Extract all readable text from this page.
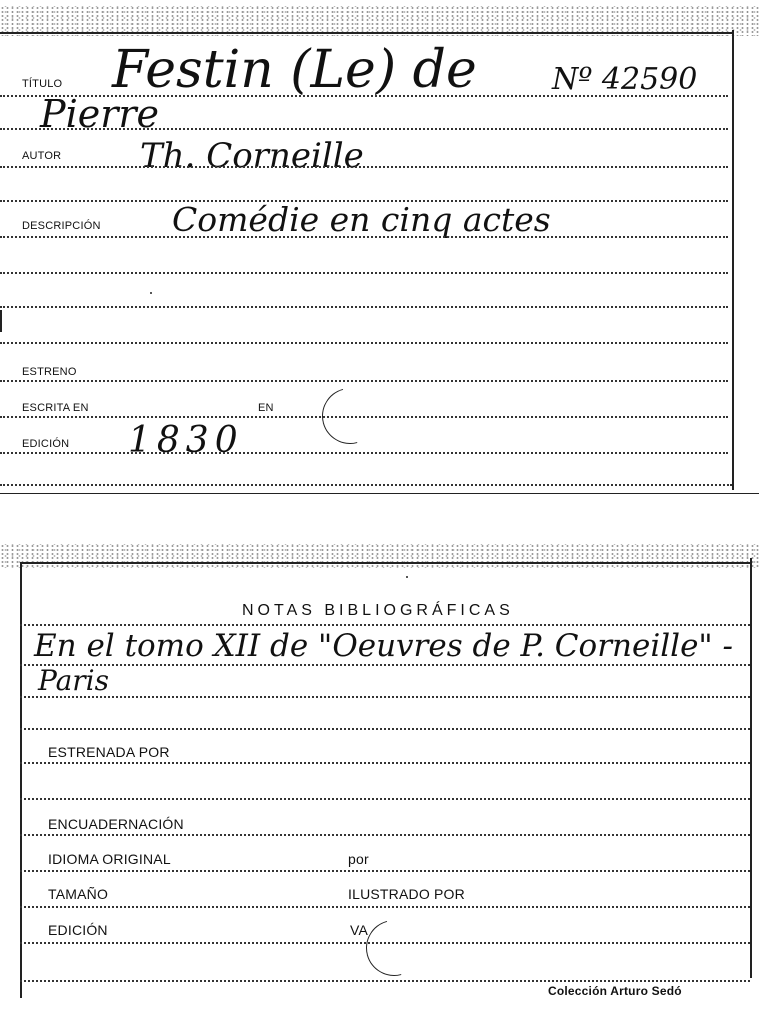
TÍTULO Festin (Le) de	Nº 42590
Pierre
AUTOR Th. Corneille
DESCRIPCIÓN Comédie en cinq actes
ESTRENO
ESCRITA EN	EN
EDICIÓN 1830
NOTAS BIBLIOGRÁFICAS
En el tomo XII de "Oeuvres de P. Corneille" -
Paris
ESTRENADA POR
ENCUADERNACIÓN
IDIOMA ORIGINAL	por
TAMAÑO	ILUSTRADO POR
EDICIÓN	VA
Colección Arturo Sedó
